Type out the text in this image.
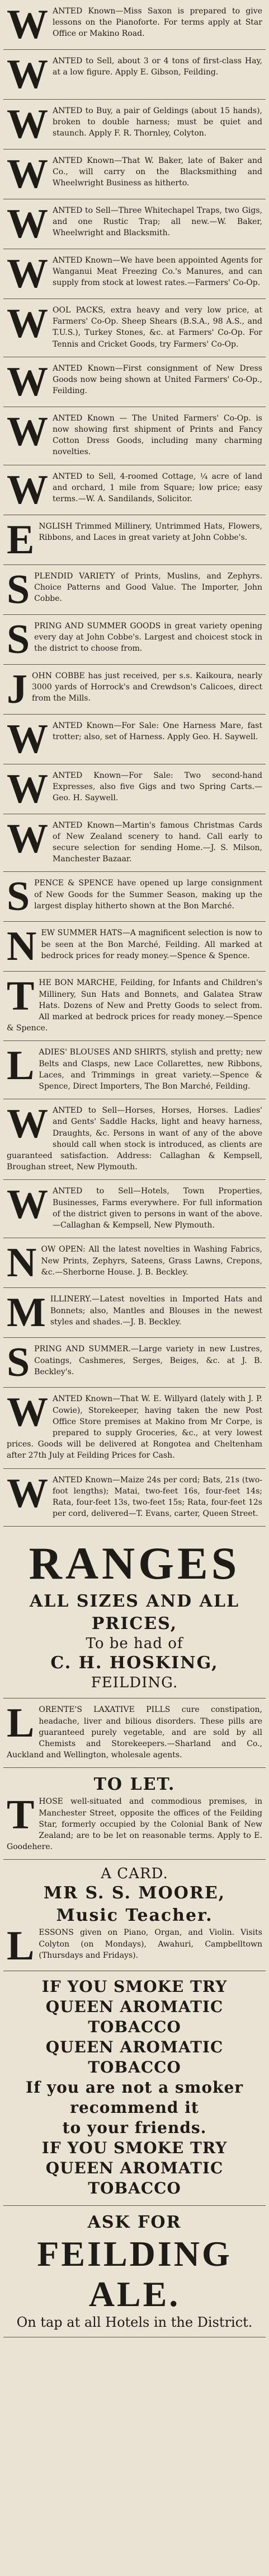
WANTED Known—Miss Saxon is prepared to give lessons on the Pianoforte. For terms apply at Star Office or Makino Road.

WANTED to Sell, about 3 or 4 tons of first-class Hay, at a low figure. Apply E. Gibson, Feilding.

WANTED to Buy, a pair of Geldings (about 15 hands), broken to double harness; must be quiet and staunch. Apply F. R. Thornley, Colyton.

WANTED Known—That W. Baker, late of Baker and Co., will carry on the Blacksmithing and Wheelwright Business as hitherto.

WANTED to Sell—Three Whitechapel Traps, two Gigs, and one Rustic Trap; all new.—W. Baker, Wheelwright and Blacksmith.

WANTED Known—We have been appointed Agents for Wanganui Meat Freezing Co.'s Manures, and can supply from stock at lowest rates.—Farmers' Co-Op.

WOOL PACKS, extra heavy and very low price, at Farmers' Co-Op. Sheep Shears (B.S.A., 98 A.S., and T.U.S.), Turkey Stones, &c. at Farmers' Co-Op. For Tennis and Cricket Goods, try Farmers' Co-Op.

WANTED Known—First consignment of New Dress Goods now being shown at United Farmers' Co-Op., Feilding.

WANTED Known — The United Farmers' Co-Op. is now showing first shipment of Prints and Fancy Cotton Dress Goods, including many charming novelties.

WANTED to Sell, 4-roomed Cottage, ¼ acre of land and orchard, 1 mile from Square; low price; easy terms.—W. A. Sandilands, Solicitor.

ENGLISH Trimmed Millinery, Untrimmed Hats, Flowers, Ribbons, and Laces in great variety at John Cobbe's.

SPLENDID VARIETY of Prints, Muslins, and Zephyrs. Choice Patterns and Good Value. The Importer, John Cobbe.

SPRING AND SUMMER GOODS in great variety opening every day at John Cobbe's. Largest and choicest stock in the district to choose from.

JOHN COBBE has just received, per s.s. Kaikoura, nearly 3000 yards of Horrock's and Crewdson's Calicoes, direct from the Mills.

WANTED Known—For Sale: One Harness Mare, fast trotter; also, set of Harness. Apply Geo. H. Saywell.

WANTED Known—For Sale: Two second-hand Expresses, also five Gigs and two Spring Carts.—Geo. H. Saywell.

WANTED Known—Martin's famous Christmas Cards of New Zealand scenery to hand. Call early to secure selection for sending Home.—J. S. Milson, Manchester Bazaar.

SPENCE & SPENCE have opened up large consignment of New Goods for the Summer Season, making up the largest display hitherto shown at the Bon Marché.

NEW SUMMER HATS—A magnificent selection is now to be seen at the Bon Marché, Feilding. All marked at bedrock prices for ready money.—Spence & Spence.

THE BON MARCHE, Feilding, for Infants and Children's Millinery, Sun Hats and Bonnets, and Galatea Straw Hats. Dozens of New and Pretty Goods to select from. All marked at bedrock prices for ready money.—Spence & Spence.

LADIES' BLOUSES AND SHIRTS, stylish and pretty; new Belts and Clasps, new Lace Collarettes, new Ribbons, Laces, and Trimmings in great variety.—Spence & Spence, Direct Importers, The Bon Marché, Feilding.

WANTED to Sell—Horses, Horses, Horses. Ladies' and Gents' Saddle Hacks, light and heavy harness, Draughts, &c. Persons in want of any of the above should call when stock is introduced, as clients are guaranteed satisfaction. Address: Callaghan & Kempsell, Broughan street, New Plymouth.

WANTED to Sell—Hotels, Town Properties, Businesses, Farms everywhere. For full information of the district given to persons in want of the above.—Callaghan & Kempsell, New Plymouth.

NOW OPEN: All the latest novelties in Washing Fabrics, New Prints, Zephyrs, Sateens, Grass Lawns, Crepons, &c.—Sherborne House. J. B. Beckley.

MILLINERY.—Latest novelties in Imported Hats and Bonnets; also, Mantles and Blouses in the newest styles and shades.—J. B. Beckley.

SPRING AND SUMMER.—Large variety in new Lustres, Coatings, Cashmeres, Serges, Beiges, &c. at J. B. Beckley's.

WANTED Known—That W. E. Willyard (lately with J. P. Cowie), Storekeeper, having taken the new Post Office Store premises at Makino from Mr Corpe, is prepared to supply Groceries, &c., at very lowest prices. Goods will be delivered at Rongotea and Cheltenham after 27th July at Feilding Prices for Cash.

WANTED Known—Maize 24s per cord; Bats, 21s (two-foot lengths); Matai, two-feet 16s, four-feet 14s; Rata, four-feet 13s, two-feet 15s; Rata, four-feet 12s per cord, delivered—T. Evans, carter, Queen Street.

RANGES
ALL SIZES AND ALL PRICES,
To be had of
C. H. HOSKING,
FEILDING.

LORENTE'S LAXATIVE PILLS cure constipation, headache, liver and bilious disorders. These pills are guaranteed purely vegetable, and are sold by all Chemists and Storekeepers.—Sharland and Co., Auckland and Wellington, wholesale agents.

TO LET.

THOSE well-situated and commodious premises, in Manchester Street, opposite the offices of the Feilding Star, formerly occupied by the Colonial Bank of New Zealand; are to be let on reasonable terms. Apply to E. Goodehere.

A CARD.
MR S. S. MOORE,
Music Teacher.

LESSONS given on Piano, Organ, and Violin. Visits Colyton (on Mondays), Awahuri, Campbelltown (Thursdays and Fridays).

IF YOU SMOKE TRY
QUEEN AROMATIC TOBACCO
QUEEN AROMATIC TOBACCO
If you are not a smoker recommend it
to your friends.
IF YOU SMOKE TRY
QUEEN AROMATIC TOBACCO
ASK FOR
FEILDING ALE.
On tap at all Hotels in the District.
